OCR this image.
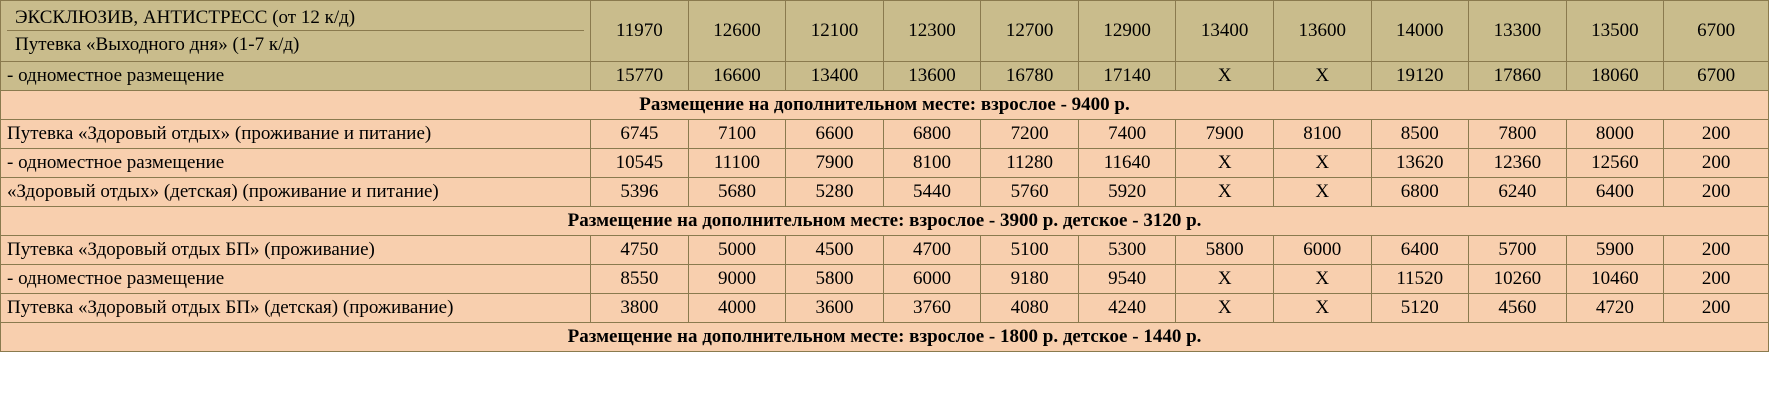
ЭКСКЛЮЗИВ, АНТИСТРЕСС (от 12 к/д)
Путевка «Выходного дня» (1-7 к/д)	11970	12600	12100	12300	12700	12900	13400	13600	14000	13300	13500	6700
- одноместное размещение	15770	16600	13400	13600	16780	17140	X	X	19120	17860	18060	6700
Размещение на дополнительном месте: взрослое - 9400 р.												
Путевка «Здоровый отдых» (проживание и питание)	6745	7100	6600	6800	7200	7400	7900	8100	8500	7800	8000	200
- одноместное размещение	10545	11100	7900	8100	11280	11640	X	X	13620	12360	12560	200
«Здоровый отдых» (детская) (проживание и питание)	5396	5680	5280	5440	5760	5920	X	X	6800	6240	6400	200
Размещение на дополнительном месте: взрослое - 3900 р. детское - 3120 р.												
Путевка «Здоровый отдых БП» (проживание)	4750	5000	4500	4700	5100	5300	5800	6000	6400	5700	5900	200
- одноместное размещение	8550	9000	5800	6000	9180	9540	X	X	11520	10260	10460	200
Путевка «Здоровый отдых БП» (детская) (проживание)	3800	4000	3600	3760	4080	4240	X	X	5120	4560	4720	200
Размещение на дополнительном месте: взрослое - 1800 р. детское - 1440 р.												
